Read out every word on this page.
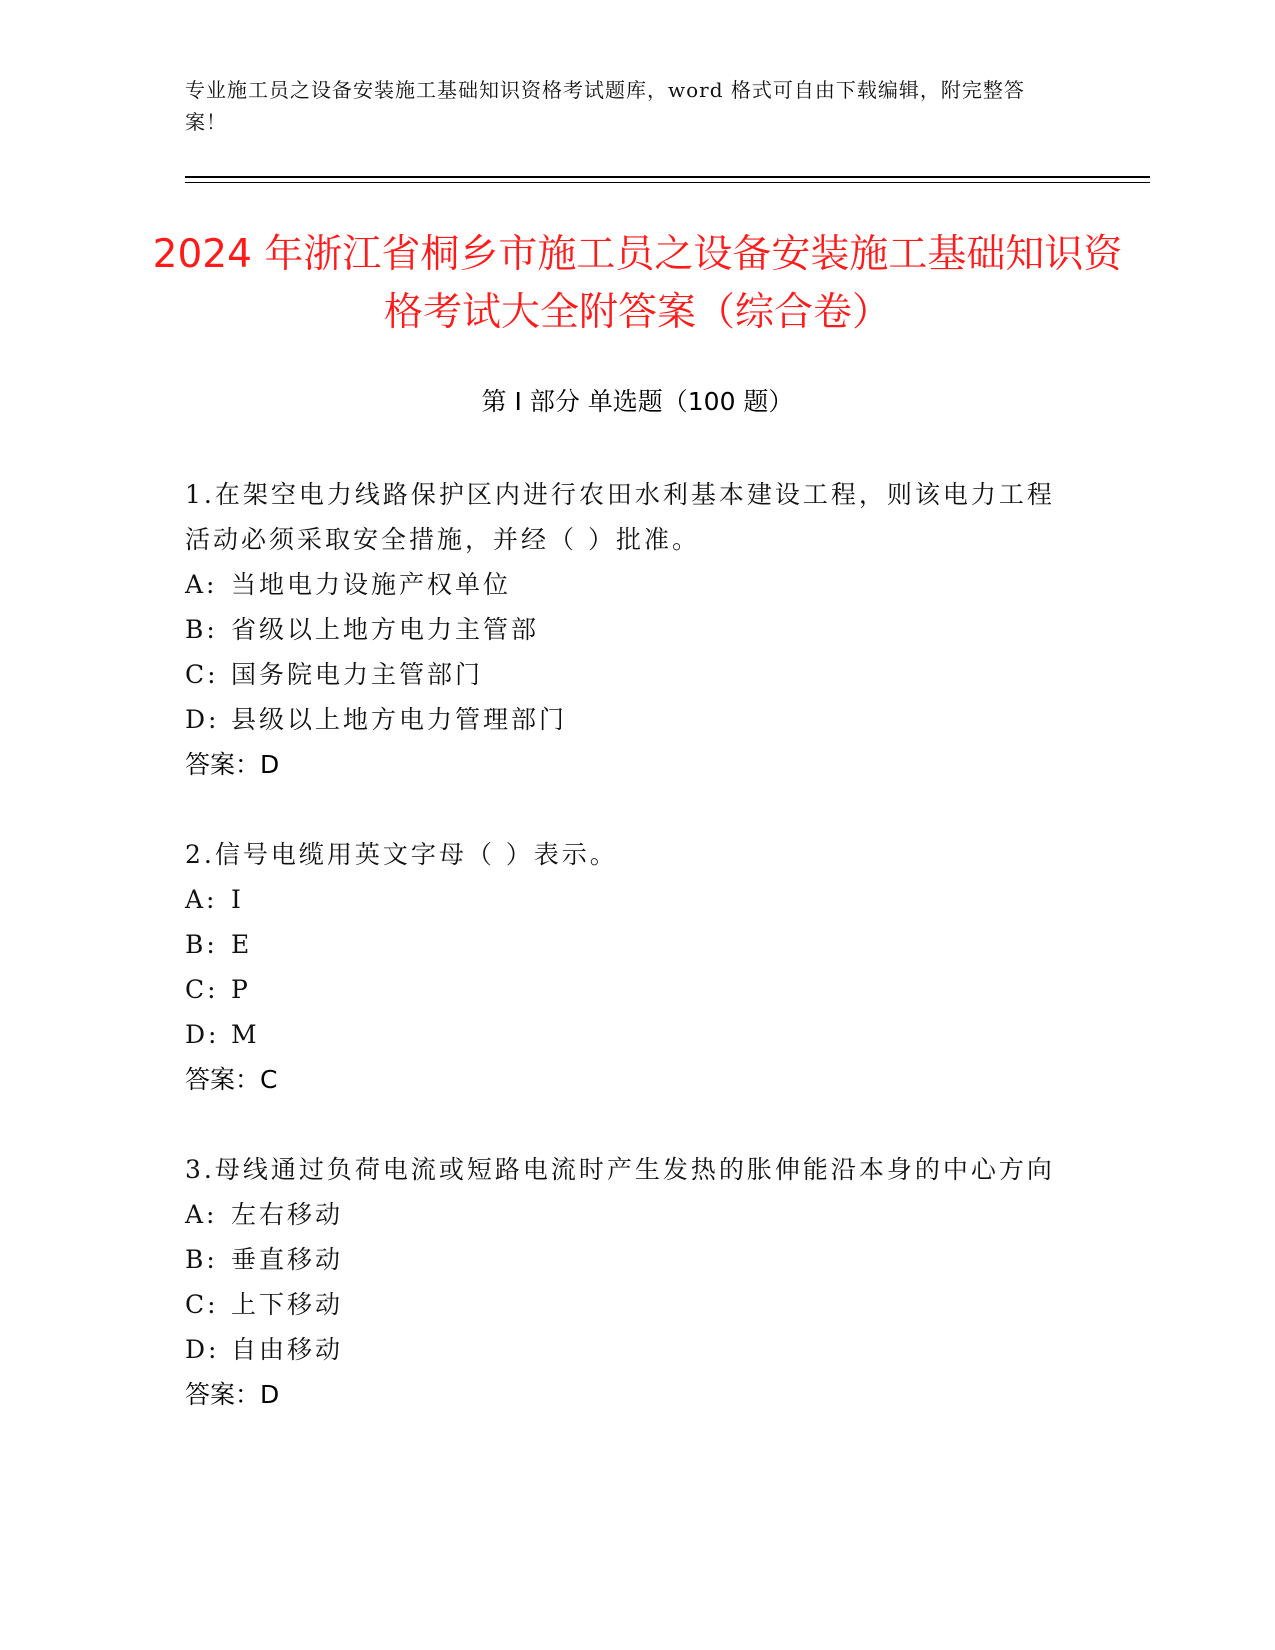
专业施工员之设备安装施工基础知识资格考试题库，word 格式可自由下载编辑，附完整答案！
2024 年浙江省桐乡市施工员之设备安装施工基础知识资格考试大全附答案（综合卷）
第 I 部分 单选题（100 题）
1.在架空电力线路保护区内进行农田水利基本建设工程，则该电力工程活动必须采取安全措施，并经（ ）批准。
A: 当地电力设施产权单位
B: 省级以上地方电力主管部
C: 国务院电力主管部门
D: 县级以上地方电力管理部门
答案：D
2.信号电缆用英文字母（ ）表示。
A: I
B: E
C: P
D: M
答案：C
3.母线通过负荷电流或短路电流时产生发热的胀伸能沿本身的中心方向
A: 左右移动
B: 垂直移动
C: 上下移动
D: 自由移动
答案：D
